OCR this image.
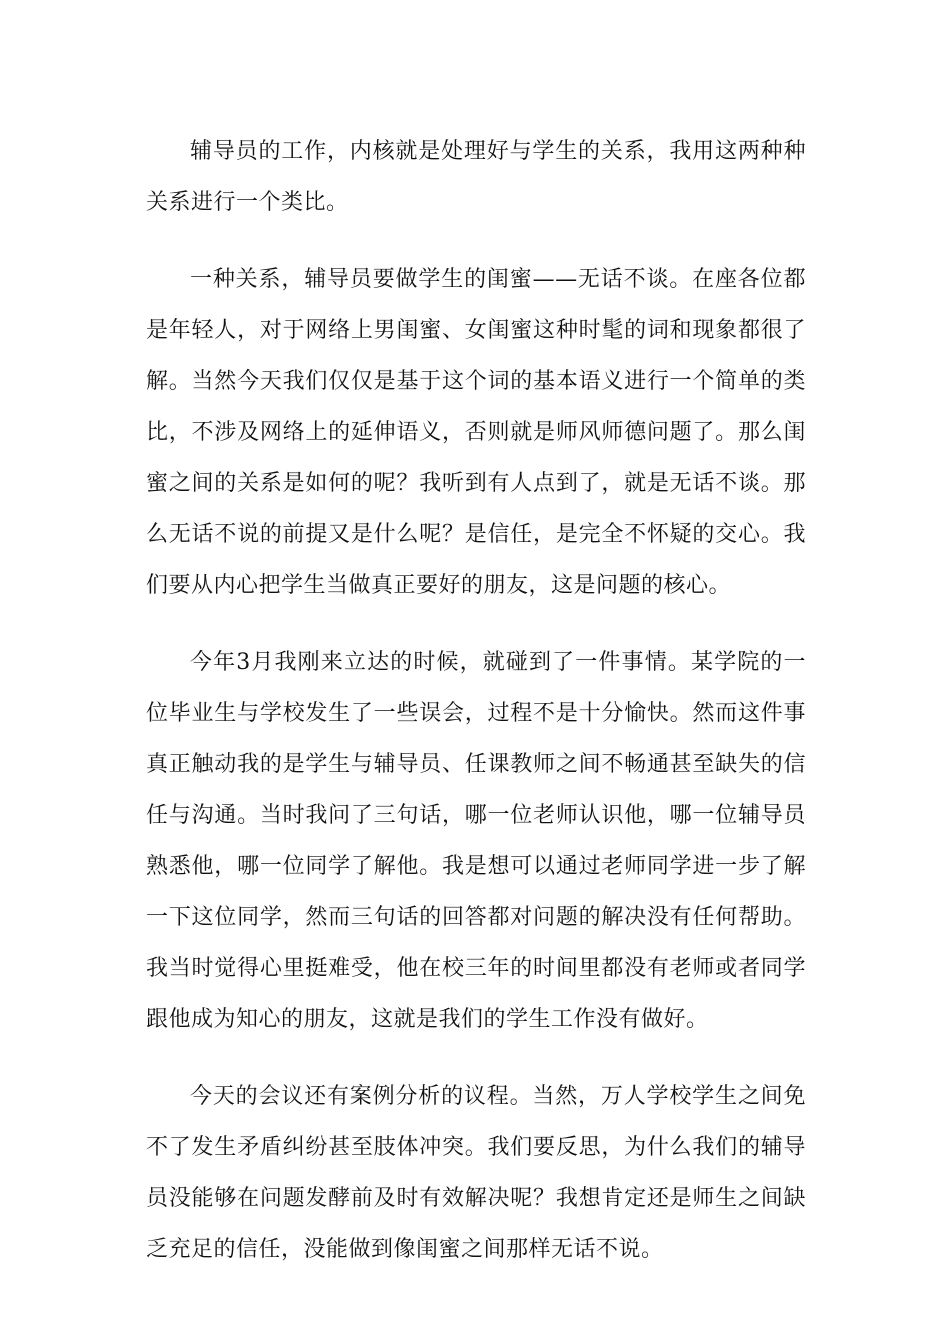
辅导员的工作，内核就是处理好与学生的关系，我用这两种种关系进行一个类比。

一种关系，辅导员要做学生的闺蜜——无话不谈。在座各位都是年轻人，对于网络上男闺蜜、女闺蜜这种时髦的词和现象都很了解。当然今天我们仅仅是基于这个词的基本语义进行一个简单的类比，不涉及网络上的延伸语义，否则就是师风师德问题了。那么闺蜜之间的关系是如何的呢？我听到有人点到了，就是无话不谈。那么无话不说的前提又是什么呢？是信任，是完全不怀疑的交心。我们要从内心把学生当做真正要好的朋友，这是问题的核心。

今年3月我刚来立达的时候，就碰到了一件事情。某学院的一位毕业生与学校发生了一些误会，过程不是十分愉快。然而这件事真正触动我的是学生与辅导员、任课教师之间不畅通甚至缺失的信任与沟通。当时我问了三句话，哪一位老师认识他，哪一位辅导员熟悉他，哪一位同学了解他。我是想可以通过老师同学进一步了解一下这位同学，然而三句话的回答都对问题的解决没有任何帮助。我当时觉得心里挺难受，他在校三年的时间里都没有老师或者同学跟他成为知心的朋友，这就是我们的学生工作没有做好。

今天的会议还有案例分析的议程。当然，万人学校学生之间免不了发生矛盾纠纷甚至肢体冲突。我们要反思，为什么我们的辅导员没能够在问题发酵前及时有效解决呢？我想肯定还是师生之间缺乏充足的信任，没能做到像闺蜜之间那样无话不说。
